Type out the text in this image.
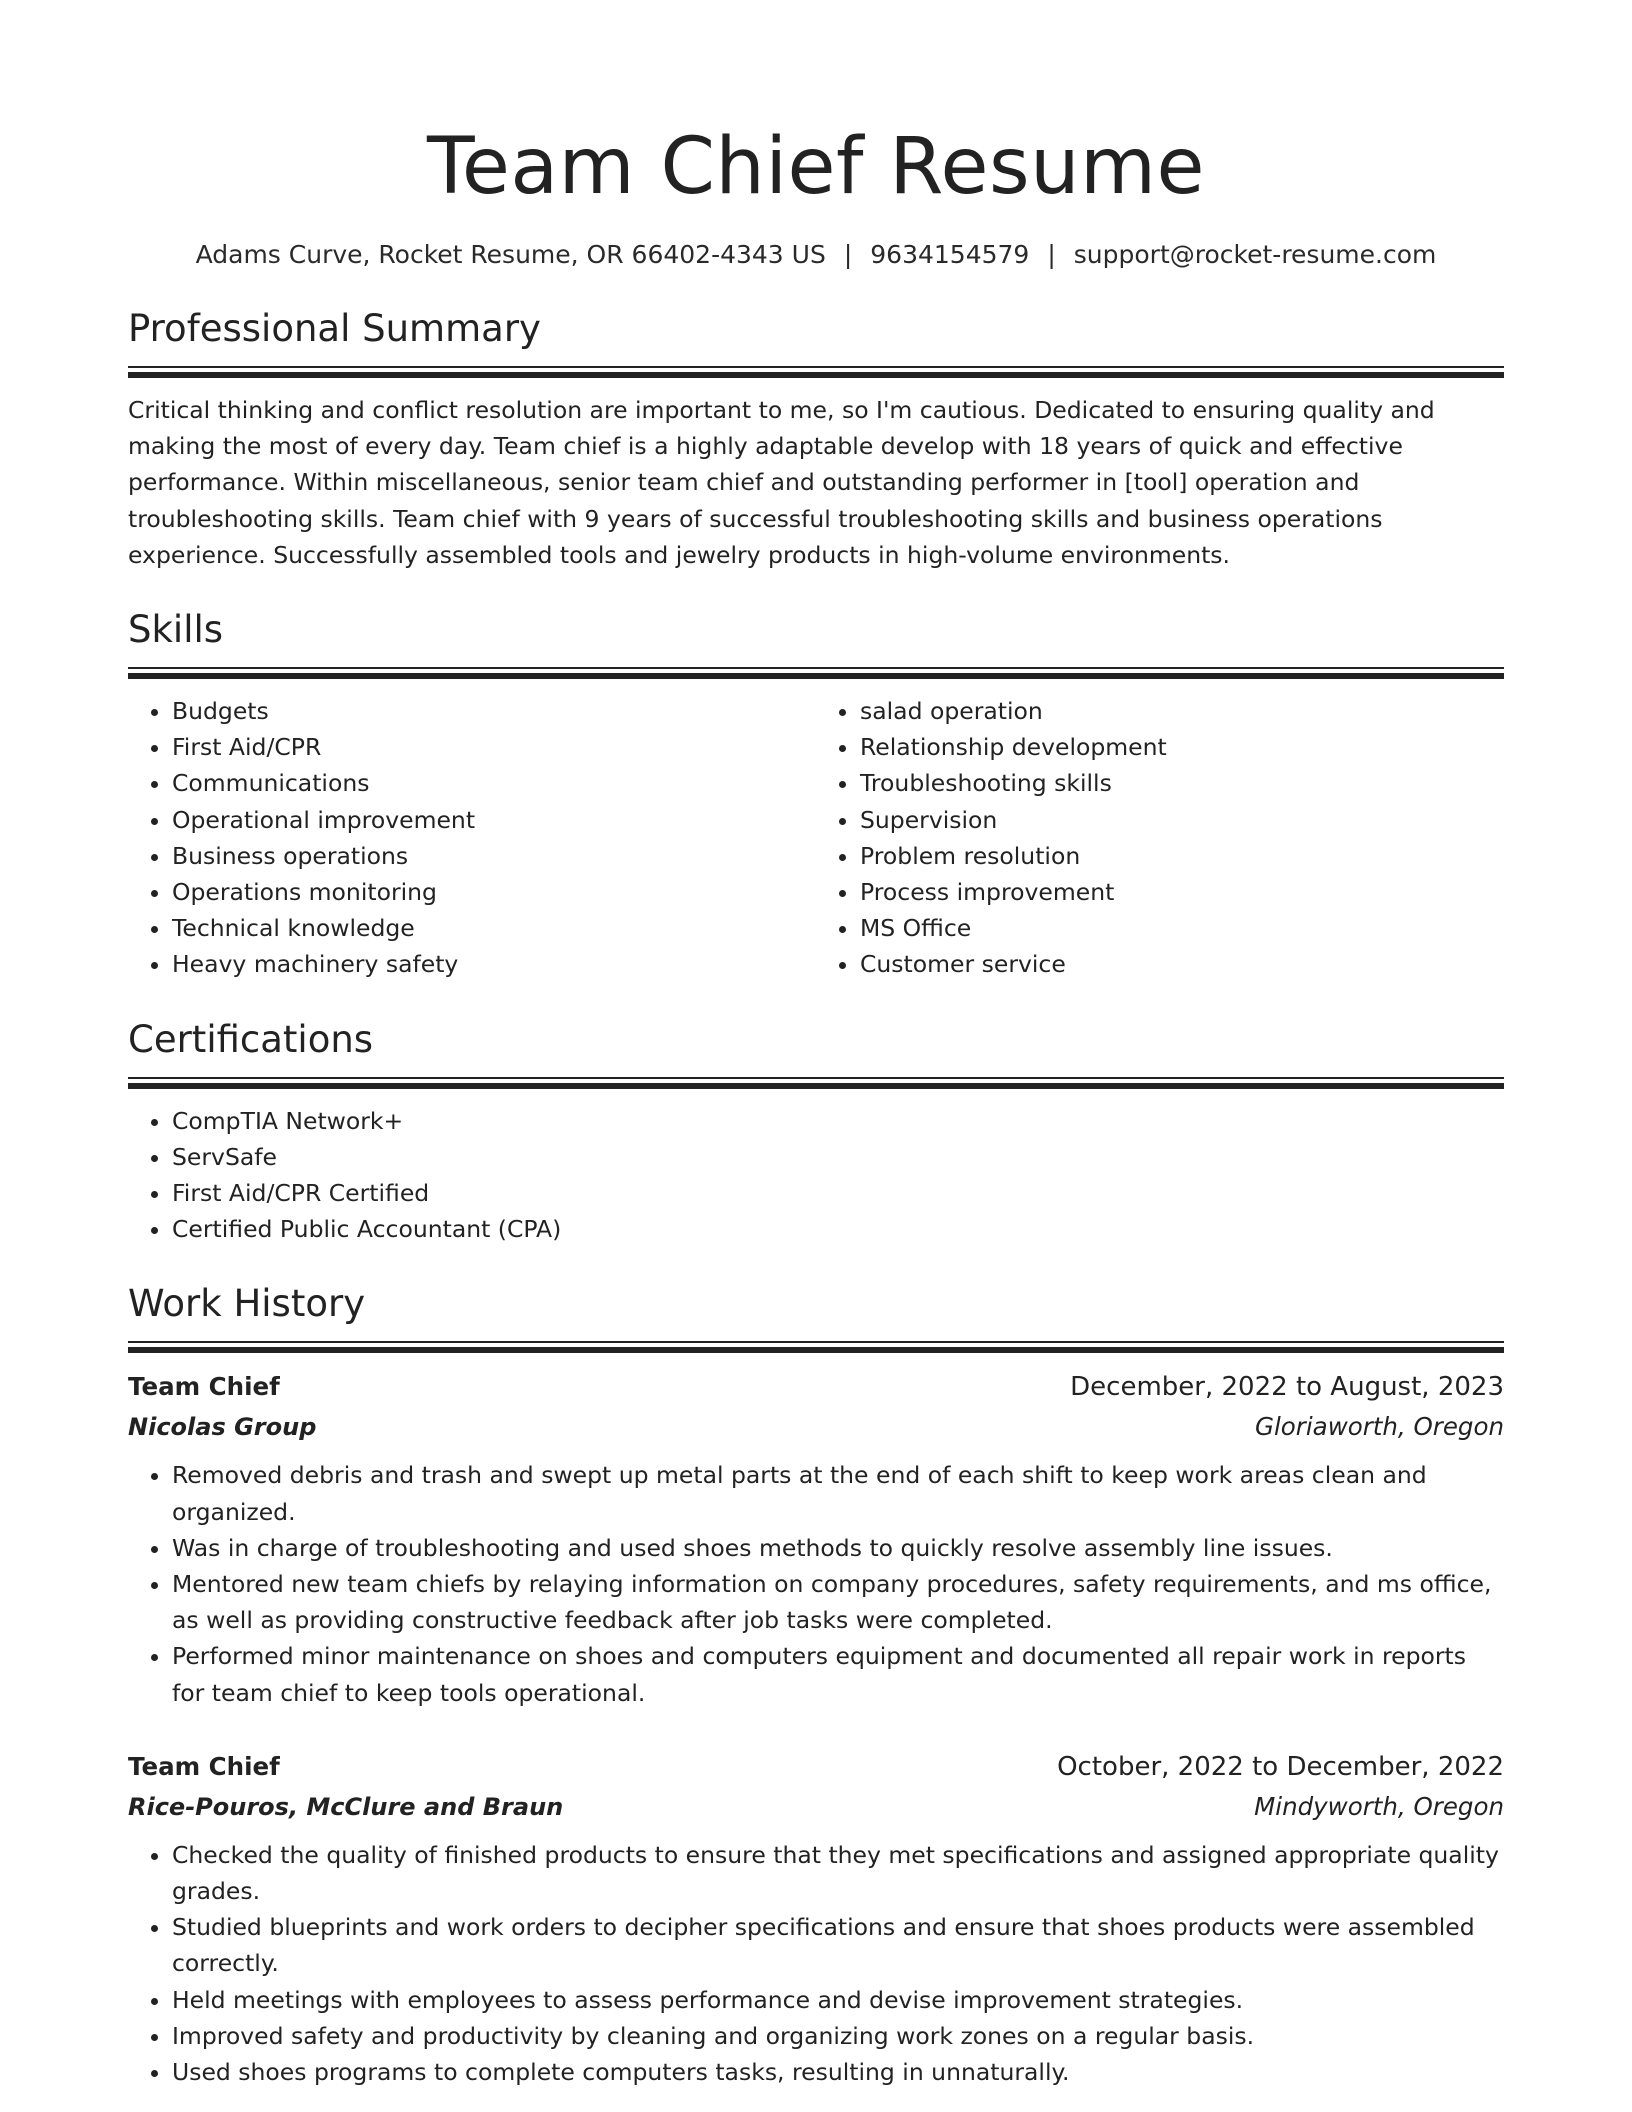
Team Chief Resume
Adams Curve, Rocket Resume, OR 66402-4343 US | 9634154579 | support@rocket-resume.com
Professional Summary

Critical thinking and conflict resolution are important to me, so I'm cautious. Dedicated to ensuring quality and making the most of every day. Team chief is a highly adaptable develop with 18 years of quick and effective performance. Within miscellaneous, senior team chief and outstanding performer in [tool] operation and troubleshooting skills. Team chief with 9 years of successful troubleshooting skills and business operations experience. Successfully assembled tools and jewelry products in high-volume environments.

Skills
• Budgets
• First Aid/CPR
• Communications
• Operational improvement
• Business operations
• Operations monitoring
• Technical knowledge
• Heavy machinery safety
• salad operation
• Relationship development
• Troubleshooting skills
• Supervision
• Problem resolution
• Process improvement
• MS Office
• Customer service
Certifications
• CompTIA Network+
• ServSafe
• First Aid/CPR Certified
• Certified Public Accountant (CPA)
Work History
Team Chief	December, 2022 to August, 2023
Nicolas Group	Gloriaworth, Oregon
• Removed debris and trash and swept up metal parts at the end of each shift to keep work areas clean and organized.
• Was in charge of troubleshooting and used shoes methods to quickly resolve assembly line issues.
• Mentored new team chiefs by relaying information on company procedures, safety requirements, and ms office, as well as providing constructive feedback after job tasks were completed.
• Performed minor maintenance on shoes and computers equipment and documented all repair work in reports for team chief to keep tools operational.
Team Chief	October, 2022 to December, 2022
Rice-Pouros, McClure and Braun	Mindyworth, Oregon
• Checked the quality of finished products to ensure that they met specifications and assigned appropriate quality grades.
• Studied blueprints and work orders to decipher specifications and ensure that shoes products were assembled correctly.
• Held meetings with employees to assess performance and devise improvement strategies.
• Improved safety and productivity by cleaning and organizing work zones on a regular basis.
• Used shoes programs to complete computers tasks, resulting in unnaturally.
